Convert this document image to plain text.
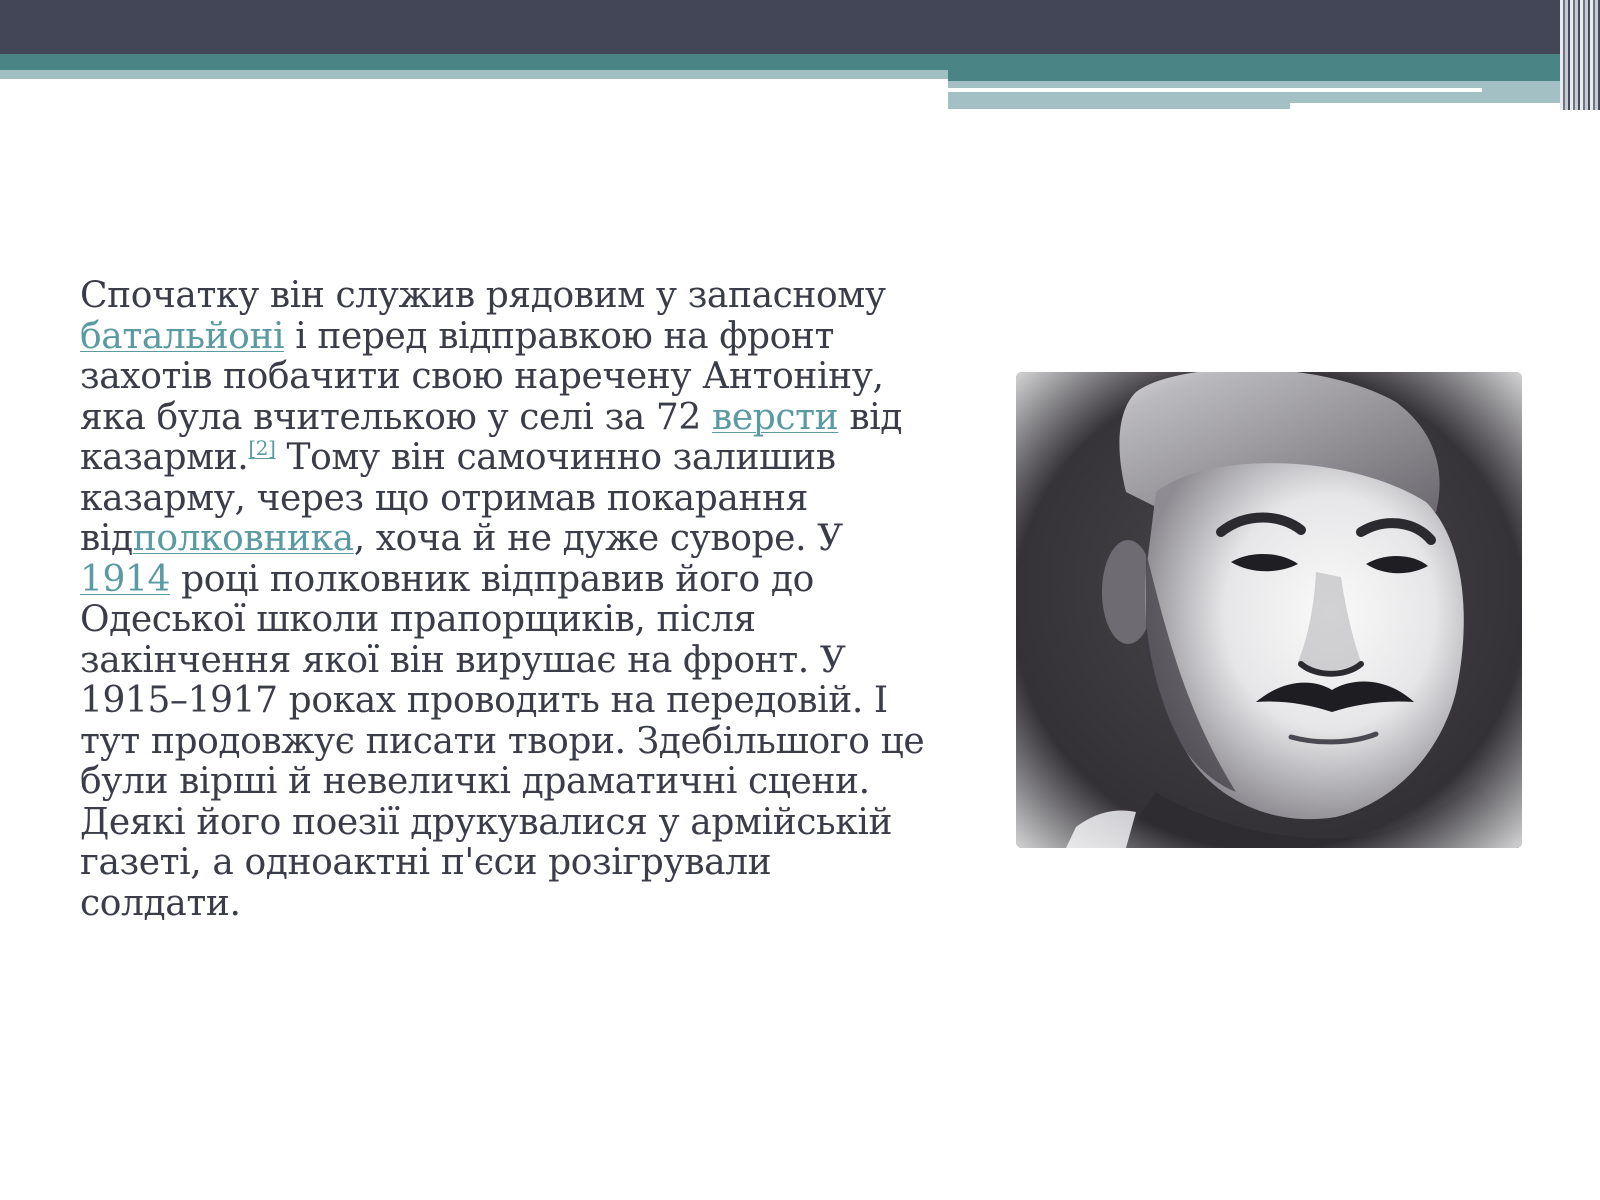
Спочатку він служив рядовим у запасному батальйоні і перед відправкою на фронт захотів побачити свою наречену Антоніну, яка була вчителькою у селі за 72 версти від казарми.[2] Тому він самочинно залишив казарму, через що отримав покарання відполковника, хоча й не дуже суворе. У 1914 році полковник відправив його до Одеської школи прапорщиків, після закінчення якої він вирушає на фронт. У 1915–1917 роках проводить на передовій. І тут продовжує писати твори. Здебільшого це були вірші й невеличкі драматичні сцени. Деякі його поезії друкувалися у армійській газеті, а одноактні п'єси розігрували солдати.
